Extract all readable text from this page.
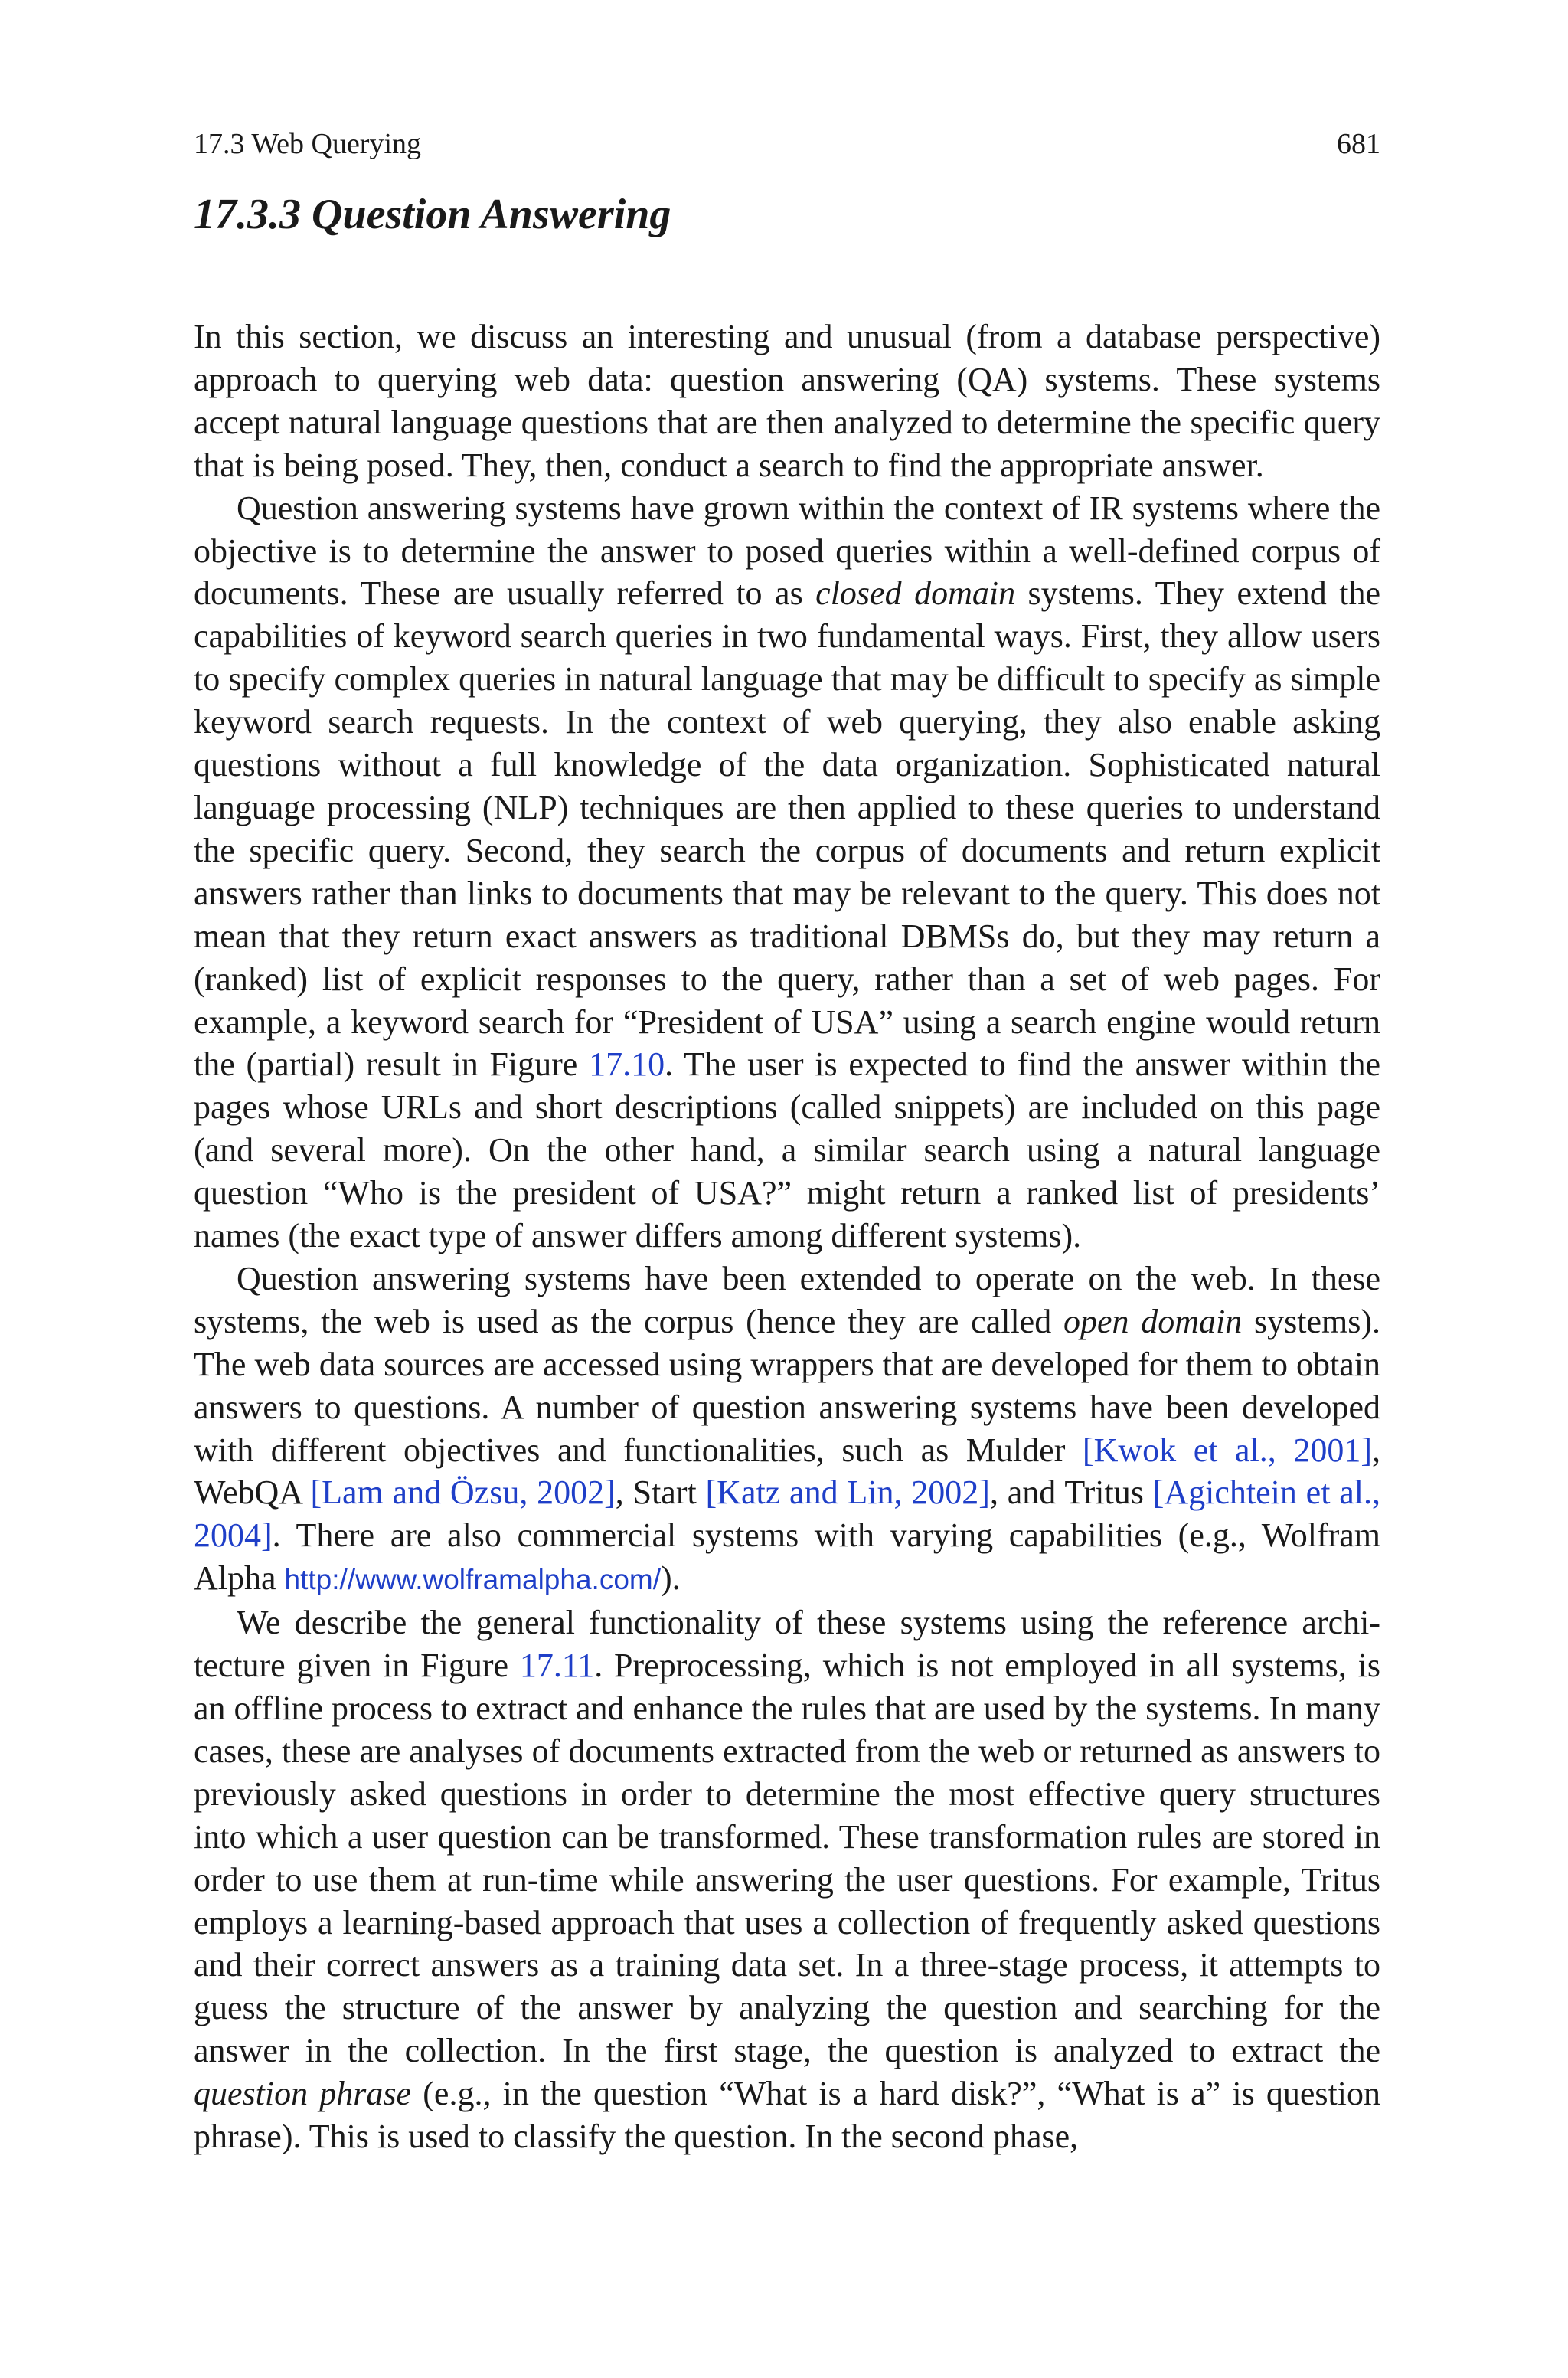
17.3 Web Querying	681
17.3.3 Question Answering

In this section, we discuss an interesting and unusual (from a database perspective) approach to querying web data: question answering (QA) systems. These systems accept natural language questions that are then analyzed to determine the specific query that is being posed. They, then, conduct a search to find the appropriate answer.

Question answering systems have grown within the context of IR systems where the objective is to determine the answer to posed queries within a well-defined corpus of documents. These are usually referred to as closed domain systems. They extend the capabilities of keyword search queries in two fundamental ways. First, they allow users to specify complex queries in natural language that may be difficult to specify as simple keyword search requests. In the context of web querying, they also enable asking questions without a full knowledge of the data organization. Sophisticated natural language processing (NLP) techniques are then applied to these queries to understand the specific query. Second, they search the corpus of documents and return explicit answers rather than links to documents that may be relevant to the query. This does not mean that they return exact answers as traditional DBMSs do, but they may return a (ranked) list of explicit responses to the query, rather than a set of web pages. For example, a keyword search for “President of USA” using a search engine would return the (partial) result in Figure 17.10. The user is expected to find the answer within the pages whose URLs and short descriptions (called snippets) are included on this page (and several more). On the other hand, a similar search using a natural language question “Who is the president of USA?” might return a ranked list of presidents’ names (the exact type of answer differs among different systems).

Question answering systems have been extended to operate on the web. In these systems, the web is used as the corpus (hence they are called open domain systems). The web data sources are accessed using wrappers that are developed for them to obtain answers to questions. A number of question answering systems have been developed with different objectives and functionalities, such as Mulder [Kwok et al., 2001], WebQA [Lam and Özsu, 2002], Start [Katz and Lin, 2002], and Tritus [Agichtein et al., 2004]. There are also commercial systems with varying capabilities (e.g., Wolfram Alpha http://www.wolframalpha.com/).

We describe the general functionality of these systems using the reference architecture given in Figure 17.11. Preprocessing, which is not employed in all systems, is an offline process to extract and enhance the rules that are used by the systems. In many cases, these are analyses of documents extracted from the web or returned as answers to previously asked questions in order to determine the most effective query structures into which a user question can be transformed. These transformation rules are stored in order to use them at run-time while answering the user questions. For example, Tritus employs a learning-based approach that uses a collection of frequently asked questions and their correct answers as a training data set. In a three-stage process, it attempts to guess the structure of the answer by analyzing the question and searching for the answer in the collection. In the first stage, the question is analyzed to extract the question phrase (e.g., in the question “What is a hard disk?”, “What is a” is question phrase). This is used to classify the question. In the second phase,
